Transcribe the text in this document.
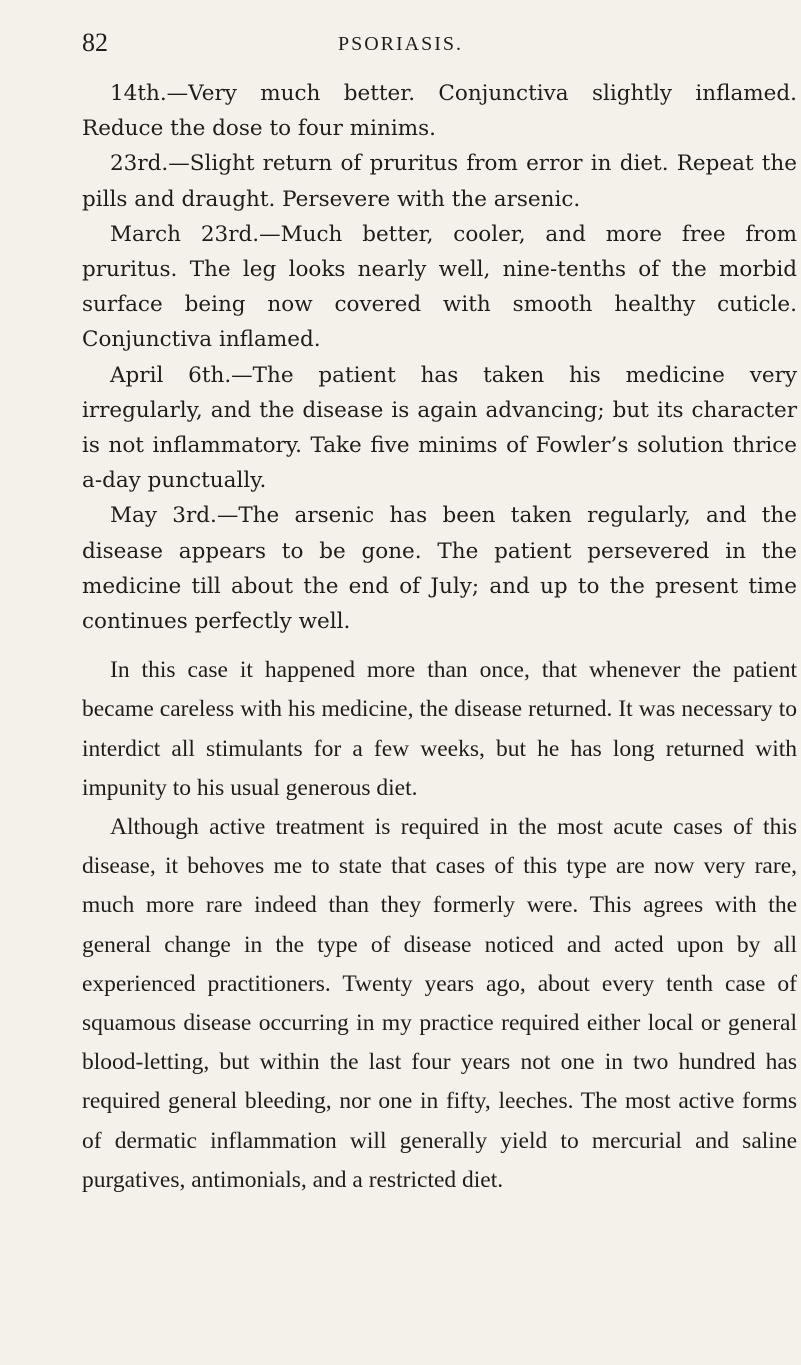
82	PSORIASIS.

14th.—Very much better. Conjunctiva slightly inflamed. Reduce the dose to four minims.

23rd.—Slight return of pruritus from error in diet. Repeat the pills and draught. Persevere with the arsenic.

March 23rd.—Much better, cooler, and more free from pruritus. The leg looks nearly well, nine-tenths of the morbid surface being now covered with smooth healthy cuticle. Conjunctiva inflamed.

April 6th.—The patient has taken his medicine very irregularly, and the disease is again advancing; but its character is not inflammatory. Take five minims of Fowler’s solution thrice a-day punctually.

May 3rd.—The arsenic has been taken regularly, and the disease appears to be gone. The patient persevered in the medicine till about the end of July; and up to the present time continues perfectly well.

In this case it happened more than once, that whenever the patient became careless with his medicine, the disease returned. It was necessary to interdict all stimulants for a few weeks, but he has long returned with impunity to his usual generous diet.

Although active treatment is required in the most acute cases of this disease, it behoves me to state that cases of this type are now very rare, much more rare indeed than they formerly were. This agrees with the general change in the type of disease noticed and acted upon by all experienced practitioners. Twenty years ago, about every tenth case of squamous disease occurring in my practice required either local or general blood-letting, but within the last four years not one in two hundred has required general bleeding, nor one in fifty, leeches. The most active forms of dermatic inflammation will generally yield to mercurial and saline purgatives, antimonials, and a restricted diet.
